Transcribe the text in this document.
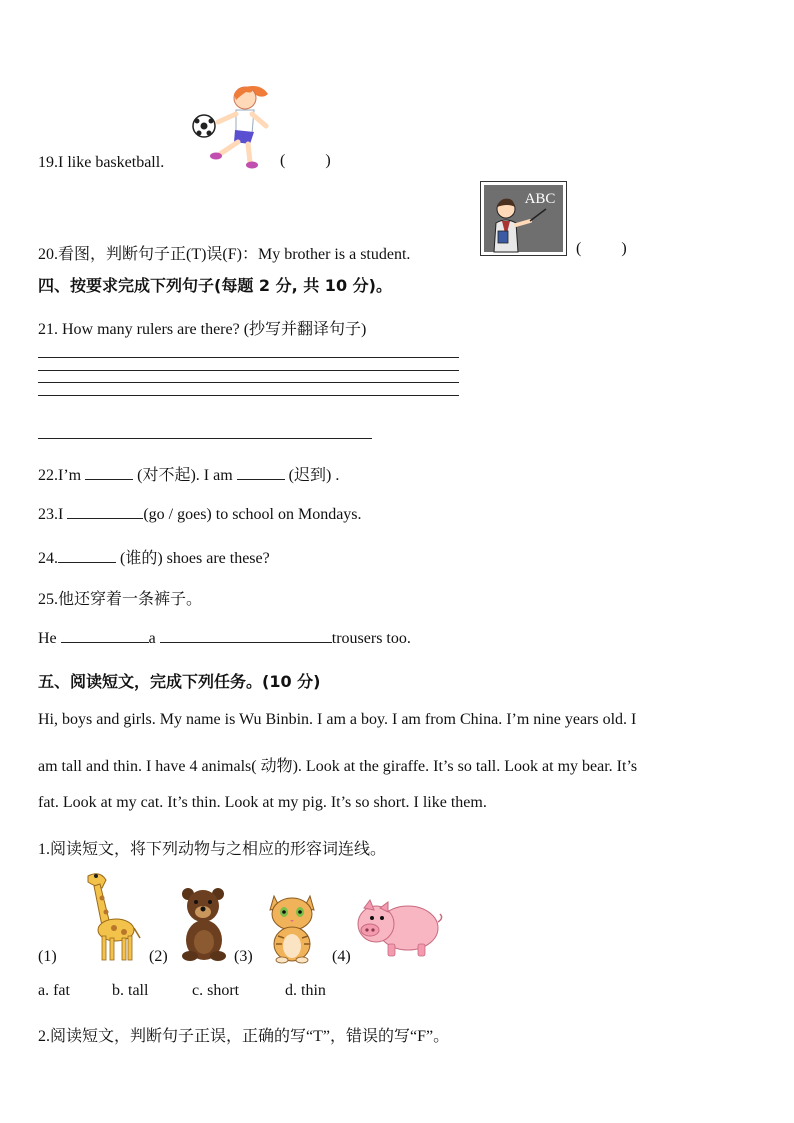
19.I like basketball.	(          )
ABC
20.看图，判断句子正(T)误(F)：My brother is a student.	(          )
四、按要求完成下列句子(每题 2 分, 共 10 分)。
21. How many rulers are there? (抄写并翻译句子)
22.I’m	(对不起). I am	(迟到) .
23.I	(go / goes) to school on Mondays.
24.	(谁的) shoes are these?
25.他还穿着一条裤子。
He	a	trousers too.
五、阅读短文，完成下列任务。(10 分)
Hi, boys and girls. My name is Wu Binbin. I am a boy. I am from China. I’m nine years old. I
am tall and thin. I have 4 animals( 动物). Look at the giraffe. It’s so tall. Look at my bear. It’s
fat. Look at my cat. It’s thin. Look at my pig. It’s so short. I like them.
1.阅读短文，将下列动物与之相应的形容词连线。
(1)	(2)	(3)	(4)
a. fat	b. tall	c. short	d. thin
2.阅读短文，判断句子正误，正确的写“T”，错误的写“F”。
